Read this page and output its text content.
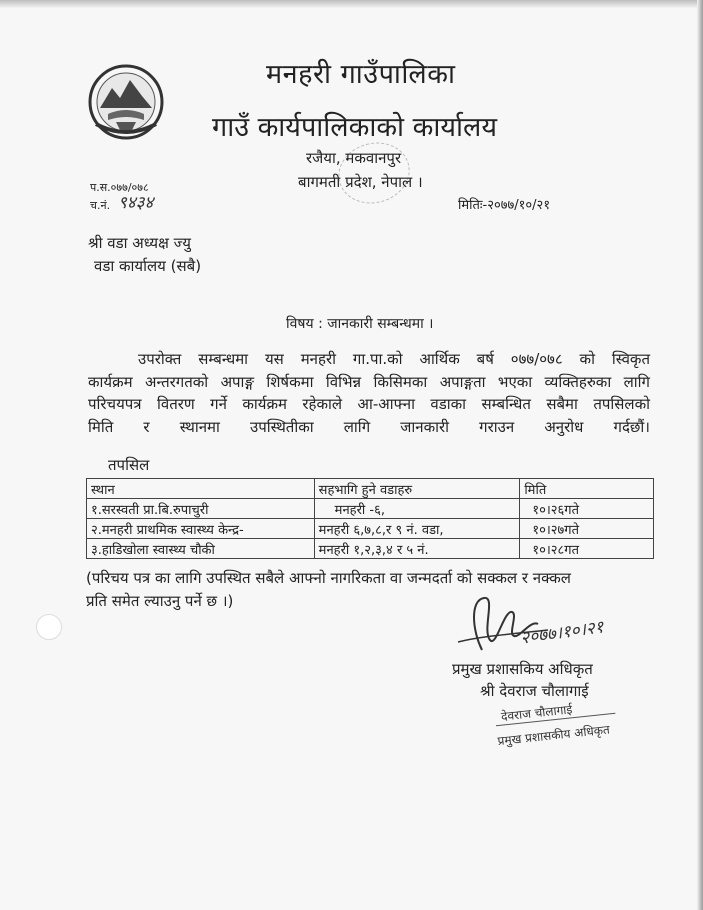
मनहरी गाउँपालिका
गाउँ कार्यपालिकाको कार्यालय
रजैया, मकवानपुर
बागमती प्रदेश, नेपाल ।
प.स.०७७/०७८
च.नं. ९४३४	मितिः-२०७७/१०/२१
श्री वडा अध्यक्ष ज्यु
वडा कार्यालय (सबै)
विषय : जानकारी सम्बन्धमा ।
उपरोक्त सम्बन्धमा यस मनहरी गा.पा.को आर्थिक बर्ष ०७७/०७८ को स्विकृत
कार्यक्रम अन्तरगतको अपाङ्ग शिर्षकमा विभिन्न किसिमका अपाङ्गता भएका व्यक्तिहरुका लागि
परिचयपत्र वितरण गर्ने कार्यक्रम रहेकाले आ-आफ्ना वडाका सम्बन्धित सबैमा तपसिलको
मिति र स्थानमा उपस्थितीका लागि जानकारी गराउन अनुरोध गर्दछौं।
तपसिल
स्थान	सहभागि हुने वडाहरु	मिति
१.सरस्वती प्रा.बि.रुपाचुरी	मनहरी -६,	१०।२६गते
२.मनहरी प्राथमिक स्वास्थ्य केन्द्र-	मनहरी ६,७,८,र ९ नं. वडा,	१०।२७गते
३.हाडिखोला स्वास्थ्य चौकी	मनहरी १,२,३,४ र ५ नं.	१०।२८गत
(परिचय पत्र का लागि उपस्थित सबैले आफ्नो नागरिकता वा जन्मदर्ता को सक्कल र नक्कल
प्रति समेत ल्याउनु पर्ने छ ।)
२०७७।१०।२१
प्रमुख प्रशासकिय अधिकृत
श्री देवराज चौलागाई
देवराज चौलागाई
प्रमुख प्रशासकीय अधिकृत
